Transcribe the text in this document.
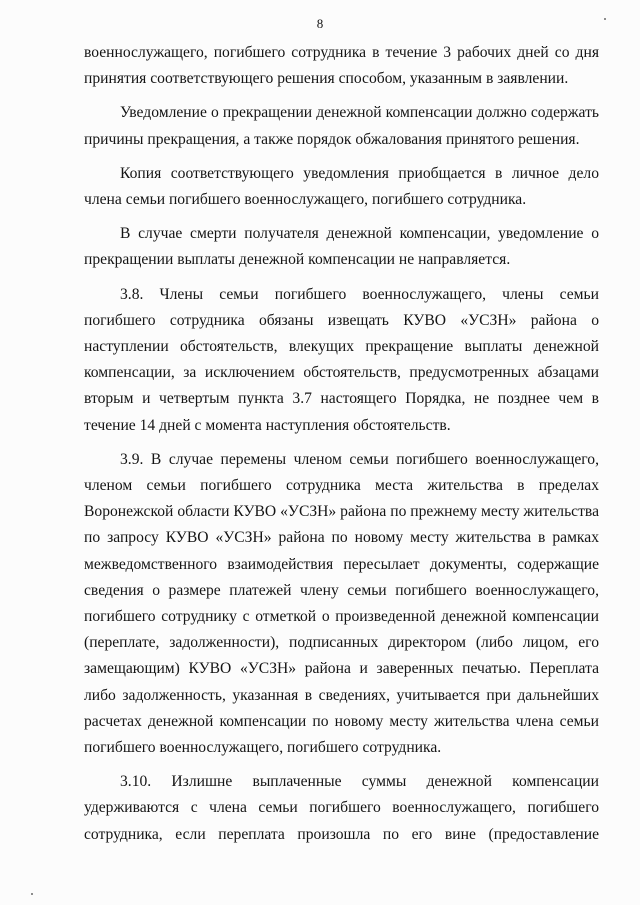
8

военнослужащего, погибшего сотрудника в течение 3 рабочих дней со дня принятия соответствующего решения способом, указанным в заявлении.

Уведомление о прекращении денежной компенсации должно содержать причины прекращения, а также порядок обжалования принятого решения.

Копия соответствующего уведомления приобщается в личное дело члена семьи погибшего военнослужащего, погибшего сотрудника.

В случае смерти получателя денежной компенсации, уведомление о прекращении выплаты денежной компенсации не направляется.

3.8. Члены семьи погибшего военнослужащего, члены семьи погибшего сотрудника обязаны извещать КУВО «УСЗН» района о наступлении обстоятельств, влекущих прекращение выплаты денежной компенсации, за исключением обстоятельств, предусмотренных абзацами вторым и четвертым пункта 3.7 настоящего Порядка, не позднее чем в течение 14 дней с момента наступления обстоятельств.

3.9. В случае перемены членом семьи погибшего военнослужащего, членом семьи погибшего сотрудника места жительства в пределах Воронежской области КУВО «УСЗН» района по прежнему месту жительства по запросу КУВО «УСЗН» района по новому месту жительства в рамках межведомственного взаимодействия пересылает документы, содержащие сведения о размере платежей члену семьи погибшего военнослужащего, погибшего сотруднику с отметкой о произведенной денежной компенсации (переплате, задолженности), подписанных директором (либо лицом, его замещающим) КУВО «УСЗН» района и заверенных печатью. Переплата либо задолженность, указанная в сведениях, учитывается при дальнейших расчетах денежной компенсации по новому месту жительства члена семьи погибшего военнослужащего, погибшего сотрудника.

3.10. Излишне выплаченные суммы денежной компенсации удерживаются с члена семьи погибшего военнослужащего, погибшего сотрудника, если переплата произошла по его вине (предоставление
